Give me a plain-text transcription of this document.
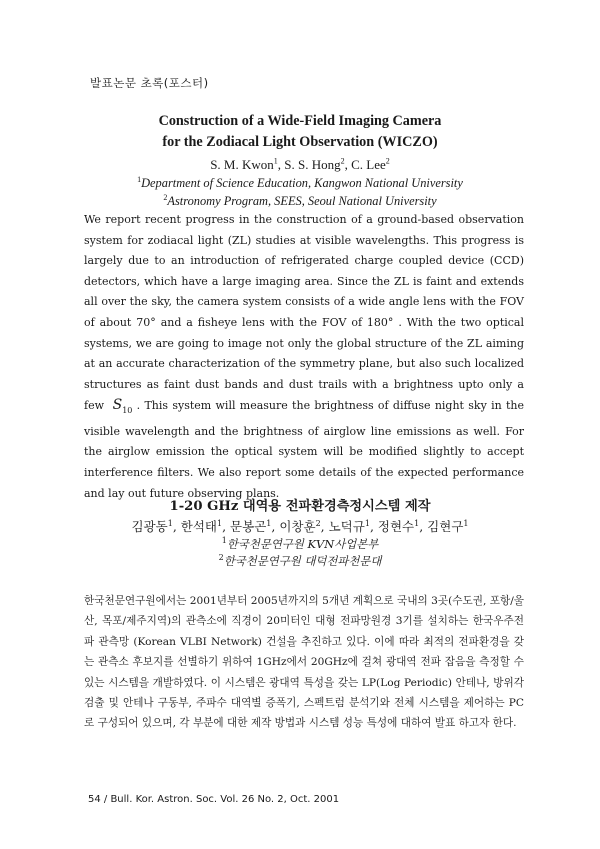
발표논문 초록(포스터)
Construction of a Wide-Field Imaging Camera
for the Zodiacal Light Observation (WICZO)
S. M. Kwon$^1$, S. S. Hong$^2$, C. Lee$^2$
$^1$Department of Science Education, Kangwon National University
$^2$Astronomy Program, SEES, Seoul National University
We report recent progress in the construction of a ground-based observation system for zodiacal light (ZL) studies at visible wavelengths. This progress is largely due to an introduction of refrigerated charge coupled device (CCD) detectors, which have a large imaging area. Since the ZL is faint and extends all over the sky, the camera system consists of a wide angle lens with the FOV of about 70° and a fisheye lens with the FOV of 180° . With the two optical systems, we are going to image not only the global structure of the ZL aiming at an accurate characterization of the symmetry plane, but also such localized structures as faint dust bands and dust trails with a brightness upto only a few $S_{10}$ . This system will measure the brightness of diffuse night sky in the visible wavelength and the brightness of airglow line emissions as well. For the airglow emission the optical system will be modified slightly to accept interference filters. We also report some details of the expected performance and lay out future observing plans.
1-20 GHz 대역용 전파환경측정시스템 제작
김광동$^1$, 한석태$^1$, 문봉곤$^1$, 이창훈$^2$, 노덕규$^1$, 정현수$^1$, 김현구$^1$
$^1$한국천문연구원 KVN사업본부
$^2$한국천문연구원 대덕전파천문대
한국천문연구원에서는 2001년부터 2005년까지의 5개년 계획으로 국내의 3곳(수도권, 포항/울산, 목포/제주지역)의 관측소에 직경이 20미터인 대형 전파망원경 3기를 설치하는 한국우주전파 관측망 (Korean VLBI Network) 건설을 추진하고 있다. 이에 따라 최적의 전파환경을 갖는 관측소 후보지를 선별하기 위하여 1GHz에서 20GHz에 걸쳐 광대역 전파 잡음을 측정할 수 있는 시스템을 개발하였다. 이 시스템은 광대역 특성을 갖는 LP(Log Periodic) 안테나, 방위각 검출 및 안테나 구동부, 주파수 대역별 증폭기, 스펙트럼 분석기와 전체 시스템을 제어하는 PC로 구성되어 있으며, 각 부분에 대한 제작 방법과 시스템 성능 특성에 대하여 발표 하고자 한다.
54 / Bull. Kor. Astron. Soc. Vol. 26 No. 2, Oct. 2001
